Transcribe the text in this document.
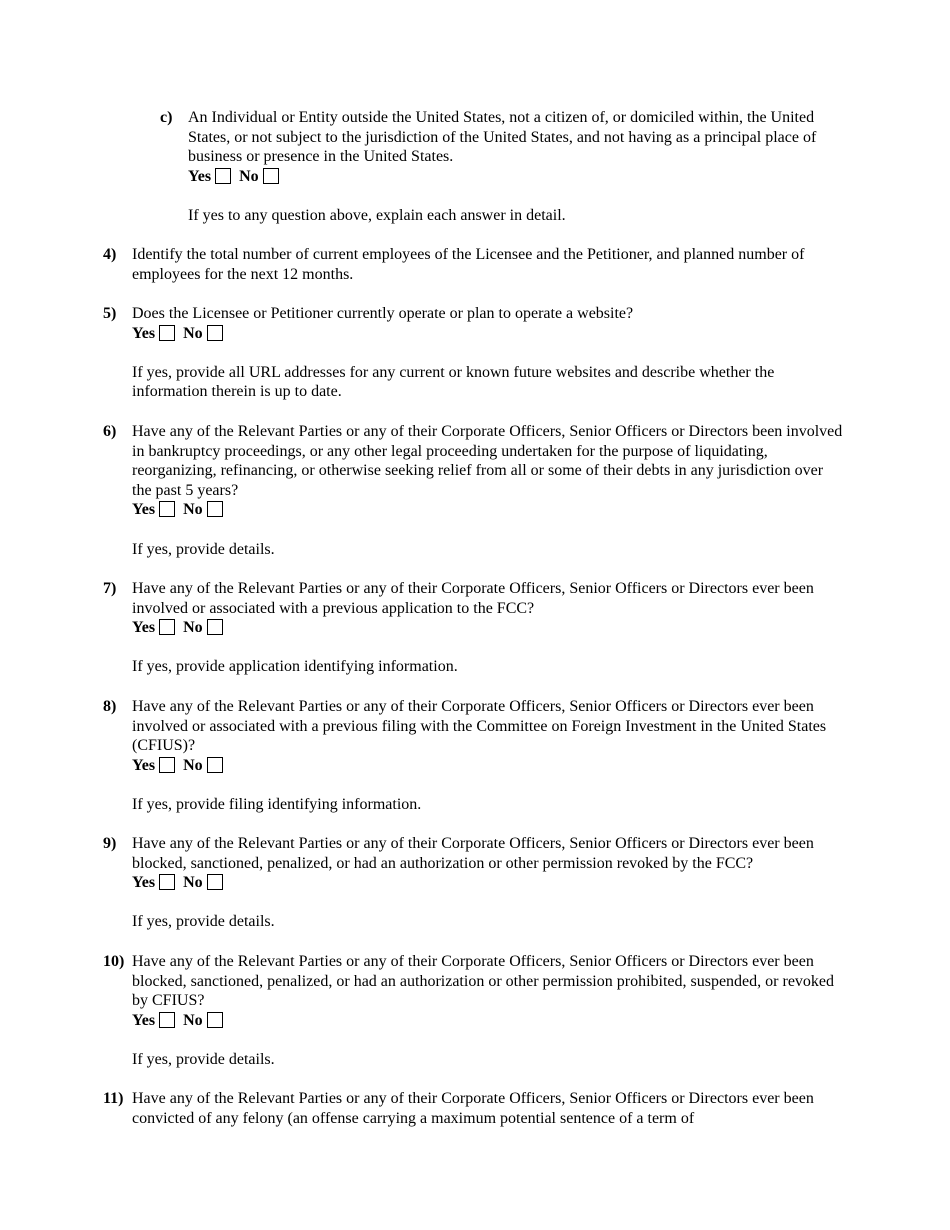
c) An Individual or Entity outside the United States, not a citizen of, or domiciled within, the United States, or not subject to the jurisdiction of the United States, and not having as a principal place of business or presence in the United States.
Yes No
If yes to any question above, explain each answer in detail.
4) Identify the total number of current employees of the Licensee and the Petitioner, and planned number of employees for the next 12 months.
5) Does the Licensee or Petitioner currently operate or plan to operate a website?
Yes No
If yes, provide all URL addresses for any current or known future websites and describe whether the information therein is up to date.
6) Have any of the Relevant Parties or any of their Corporate Officers, Senior Officers or Directors been involved in bankruptcy proceedings, or any other legal proceeding undertaken for the purpose of liquidating, reorganizing, refinancing, or otherwise seeking relief from all or some of their debts in any jurisdiction over the past 5 years?
Yes No
If yes, provide details.
7) Have any of the Relevant Parties or any of their Corporate Officers, Senior Officers or Directors ever been involved or associated with a previous application to the FCC?
Yes No
If yes, provide application identifying information.
8) Have any of the Relevant Parties or any of their Corporate Officers, Senior Officers or Directors ever been involved or associated with a previous filing with the Committee on Foreign Investment in the United States (CFIUS)?
Yes No
If yes, provide filing identifying information.
9) Have any of the Relevant Parties or any of their Corporate Officers, Senior Officers or Directors ever been blocked, sanctioned, penalized, or had an authorization or other permission revoked by the FCC?
Yes No
If yes, provide details.
10) Have any of the Relevant Parties or any of their Corporate Officers, Senior Officers or Directors ever been blocked, sanctioned, penalized, or had an authorization or other permission prohibited, suspended, or revoked by CFIUS?
Yes No
If yes, provide details.
11) Have any of the Relevant Parties or any of their Corporate Officers, Senior Officers or Directors ever been convicted of any felony (an offense carrying a maximum potential sentence of a term of
